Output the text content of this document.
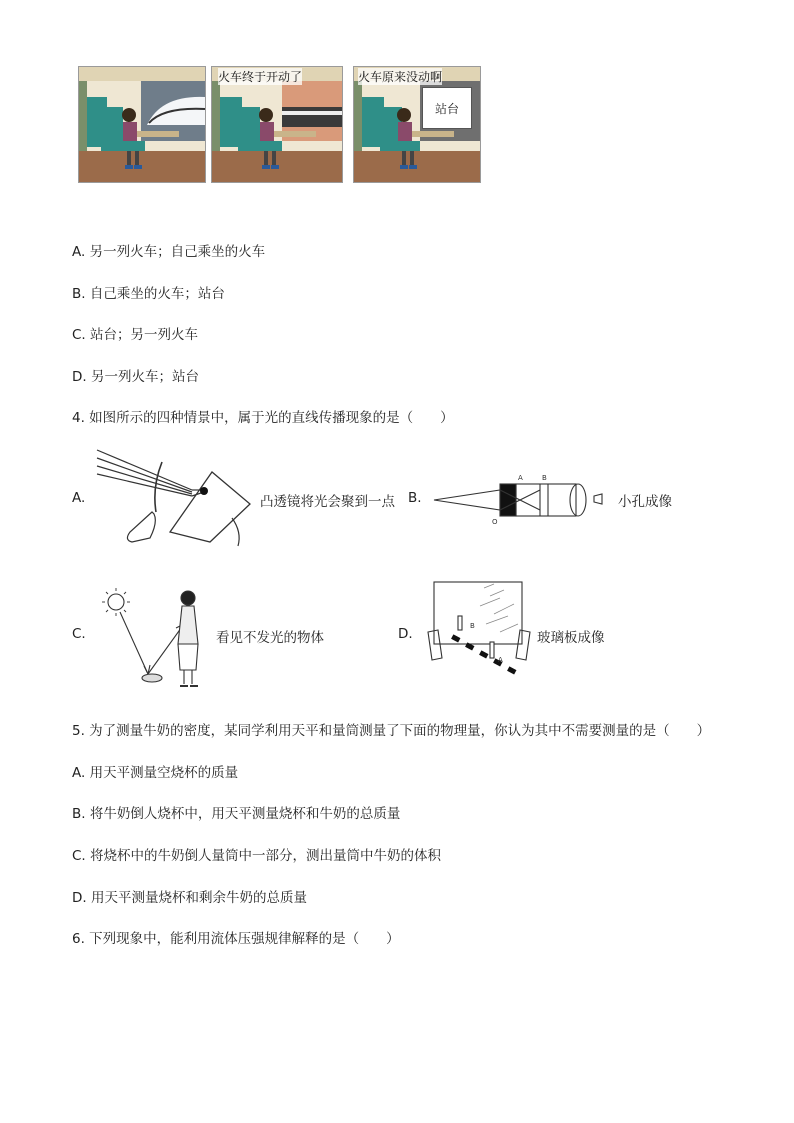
火车终于开动了	火车原来没动啊
站台
A. 另一列火车；自己乘坐的火车
B. 自己乘坐的火车；站台
C. 站台；另一列火车
D. 另一列火车；站台
4. 如图所示的四种情景中，属于光的直线传播现象的是（　　）
A.	凸透镜将光会聚到一点 B.
A	B
O
小孔成像
C.	看见不发光的物体	D.	B
A
玻璃板成像
5. 为了测量牛奶的密度，某同学利用天平和量筒测量了下面的物理量，你认为其中不需要测量的是（　　）
A. 用天平测量空烧杯的质量
B. 将牛奶倒人烧杯中，用天平测量烧杯和牛奶的总质量
C. 将烧杯中的牛奶倒人量筒中一部分，测出量筒中牛奶的体积
D. 用天平测量烧杯和剩余牛奶的总质量
6. 下列现象中，能利用流体压强规律解释的是（　　）
